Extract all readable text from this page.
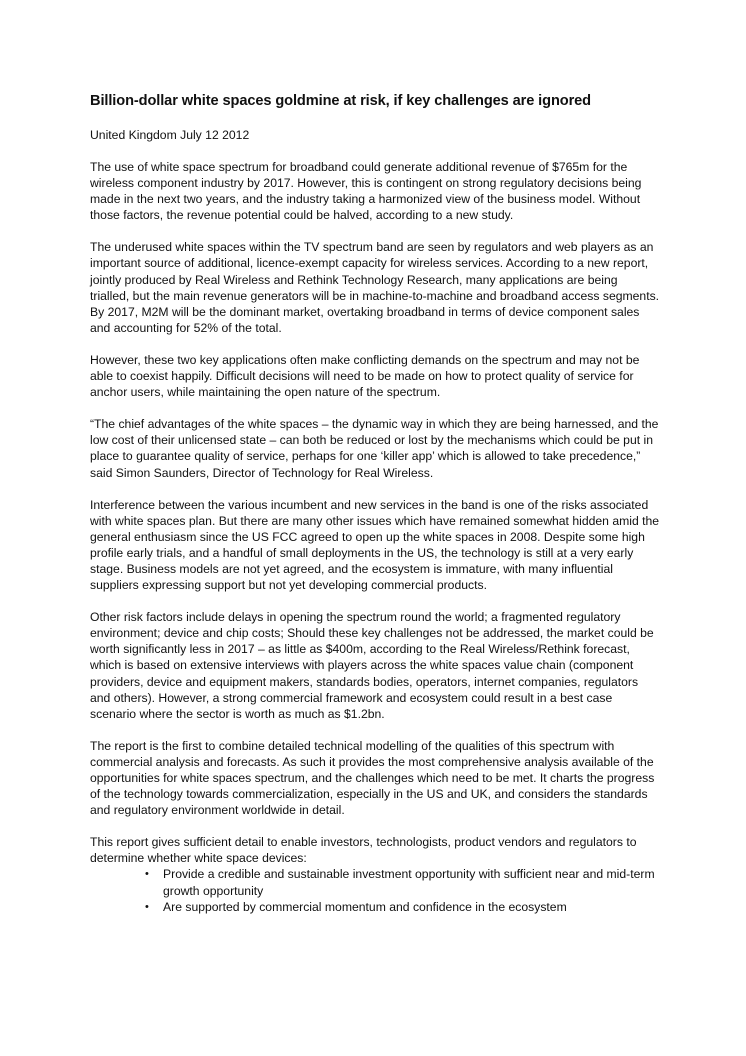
Billion-dollar white spaces goldmine at risk, if key challenges are ignored

United Kingdom July 12 2012

The use of white space spectrum for broadband could generate additional revenue of $765m for the wireless component industry by 2017. However, this is contingent on strong regulatory decisions being made in the next two years, and the industry taking a harmonized view of the business model. Without those factors, the revenue potential could be halved, according to a new study.

The underused white spaces within the TV spectrum band are seen by regulators and web players as an important source of additional, licence-exempt capacity for wireless services. According to a new report, jointly produced by Real Wireless and Rethink Technology Research, many applications are being trialled, but the main revenue generators will be in machine-to-machine and broadband access segments. By 2017, M2M will be the dominant market, overtaking broadband in terms of device component sales and accounting for 52% of the total.

However, these two key applications often make conflicting demands on the spectrum and may not be able to coexist happily. Difficult decisions will need to be made on how to protect quality of service for anchor users, while maintaining the open nature of the spectrum.

“The chief advantages of the white spaces – the dynamic way in which they are being harnessed, and the low cost of their unlicensed state – can both be reduced or lost by the mechanisms which could be put in place to guarantee quality of service, perhaps for one ‘killer app’ which is allowed to take precedence,” said Simon Saunders, Director of Technology for Real Wireless.

Interference between the various incumbent and new services in the band is one of the risks associated with white spaces plan. But there are many other issues which have remained somewhat hidden amid the general enthusiasm since the US FCC agreed to open up the white spaces in 2008. Despite some high profile early trials, and a handful of small deployments in the US, the technology is still at a very early stage. Business models are not yet agreed, and the ecosystem is immature, with many influential suppliers expressing support but not yet developing commercial products.

Other risk factors include delays in opening the spectrum round the world; a fragmented regulatory environment; device and chip costs; Should these key challenges not be addressed, the market could be worth significantly less in 2017 – as little as $400m, according to the Real Wireless/Rethink forecast, which is based on extensive interviews with players across the white spaces value chain (component providers, device and equipment makers, standards bodies, operators, internet companies, regulators and others). However, a strong commercial framework and ecosystem could result in a best case scenario where the sector is worth as much as $1.2bn.

The report is the first to combine detailed technical modelling of the qualities of this spectrum with commercial analysis and forecasts. As such it provides the most comprehensive analysis available of the opportunities for white spaces spectrum, and the challenges which need to be met. It charts the progress of the technology towards commercialization, especially in the US and UK, and considers the standards and regulatory environment worldwide in detail.

This report gives sufficient detail to enable investors, technologists, product vendors and regulators to determine whether white space devices:

• Provide a credible and sustainable investment opportunity with sufficient near and mid-term growth opportunity
• Are supported by commercial momentum and confidence in the ecosystem
